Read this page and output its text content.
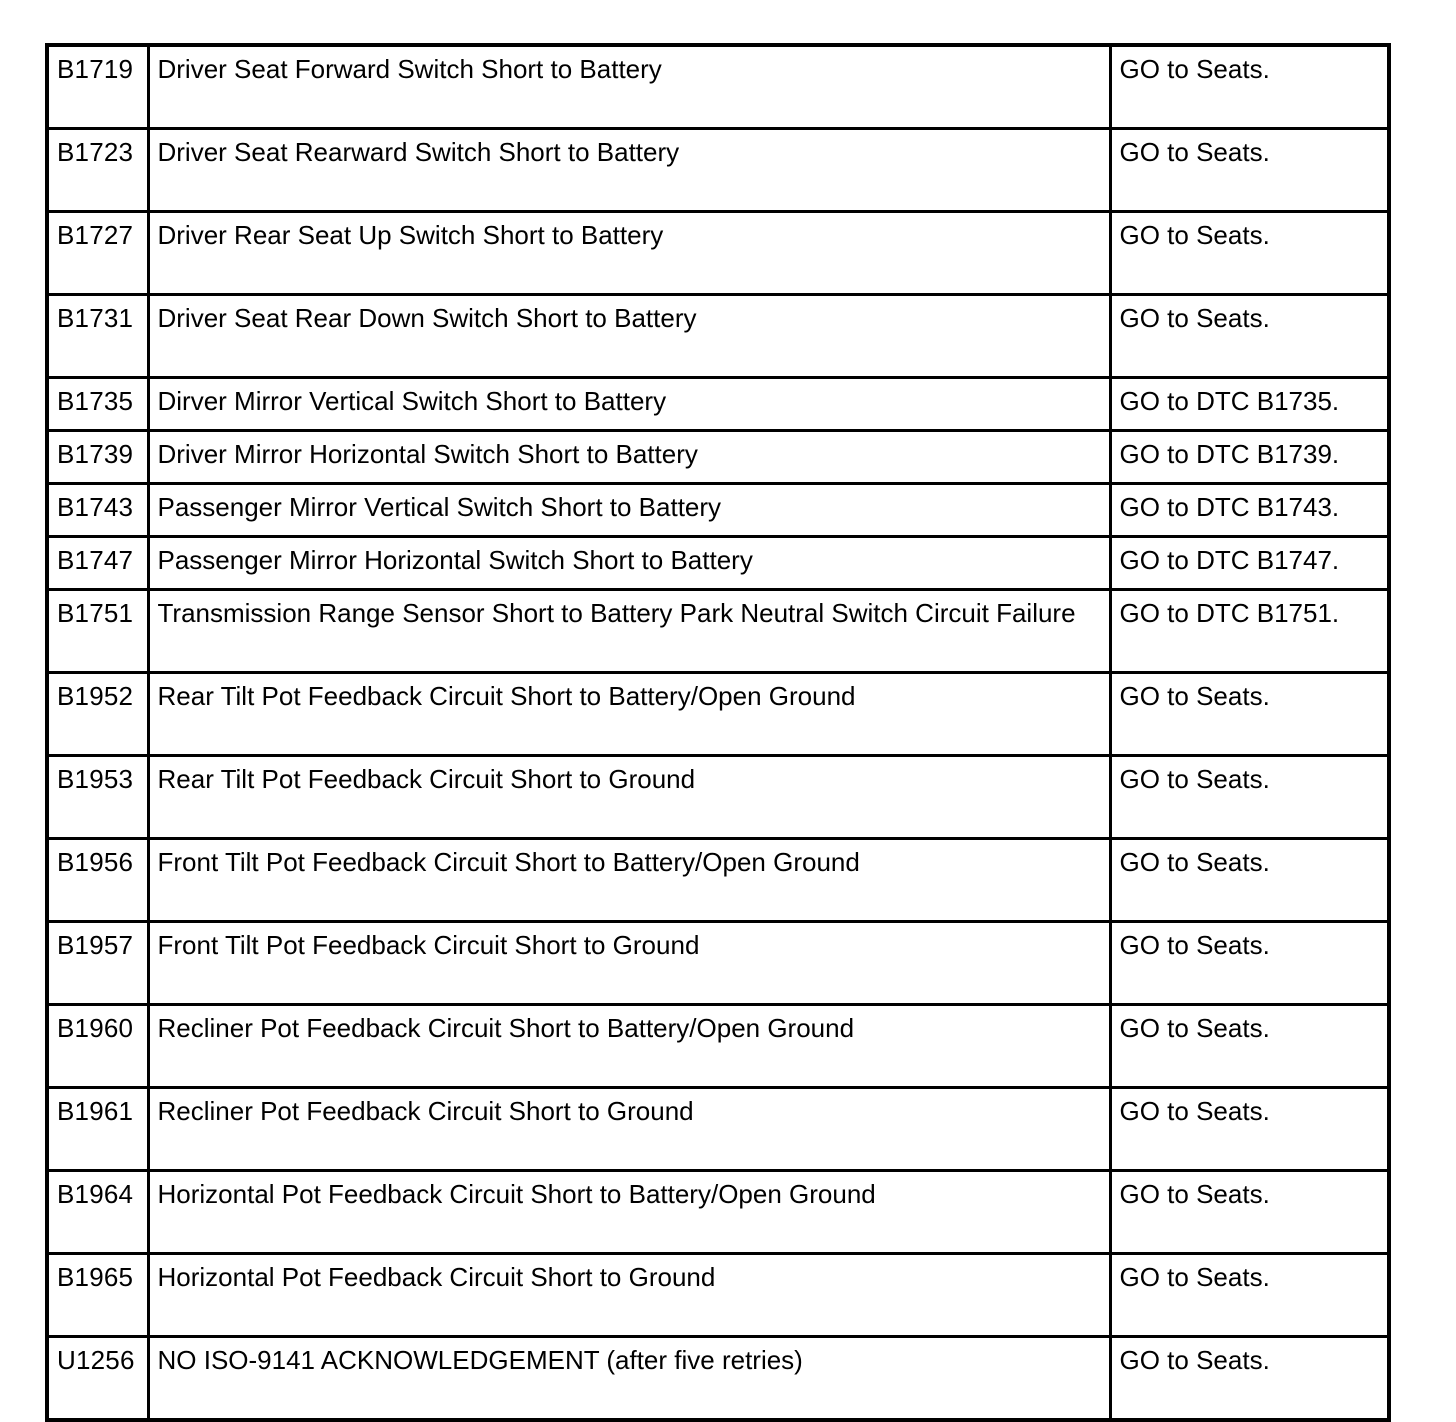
B1719	Driver Seat Forward Switch Short to Battery	GO to Seats.
B1723	Driver Seat Rearward Switch Short to Battery	GO to Seats.
B1727	Driver Rear Seat Up Switch Short to Battery	GO to Seats.
B1731	Driver Seat Rear Down Switch Short to Battery	GO to Seats.
B1735	Dirver Mirror Vertical Switch Short to Battery	GO to DTC B1735.
B1739	Driver Mirror Horizontal Switch Short to Battery	GO to DTC B1739.
B1743	Passenger Mirror Vertical Switch Short to Battery	GO to DTC B1743.
B1747	Passenger Mirror Horizontal Switch Short to Battery	GO to DTC B1747.
B1751	Transmission Range Sensor Short to Battery Park Neutral Switch Circuit Failure	GO to DTC B1751.
B1952	Rear Tilt Pot Feedback Circuit Short to Battery/Open Ground	GO to Seats.
B1953	Rear Tilt Pot Feedback Circuit Short to Ground	GO to Seats.
B1956	Front Tilt Pot Feedback Circuit Short to Battery/Open Ground	GO to Seats.
B1957	Front Tilt Pot Feedback Circuit Short to Ground	GO to Seats.
B1960	Recliner Pot Feedback Circuit Short to Battery/Open Ground	GO to Seats.
B1961	Recliner Pot Feedback Circuit Short to Ground	GO to Seats.
B1964	Horizontal Pot Feedback Circuit Short to Battery/Open Ground	GO to Seats.
B1965	Horizontal Pot Feedback Circuit Short to Ground	GO to Seats.
U1256	NO ISO-9141 ACKNOWLEDGEMENT (after five retries)	GO to Seats.
